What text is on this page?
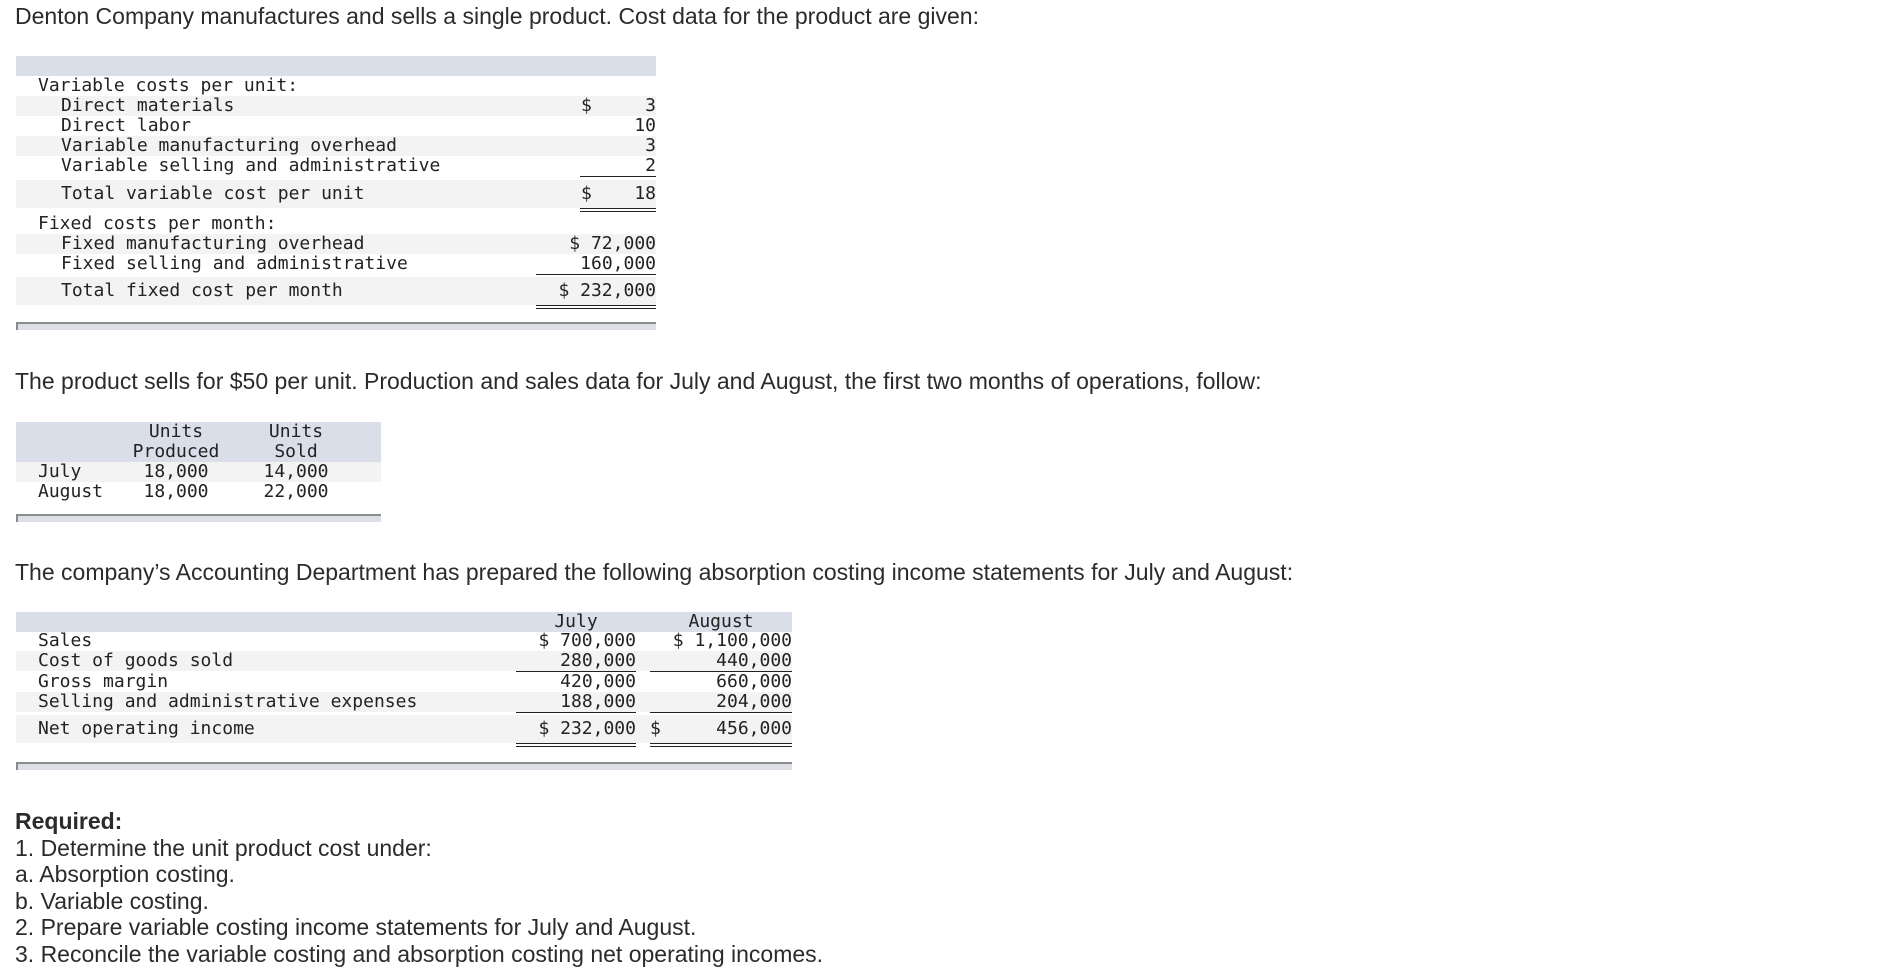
Denton Company manufactures and sells a single product. Cost data for the product are given:
Variable costs per unit:
Direct materials	$	3
Direct labor	10
Variable manufacturing overhead	3
Variable selling and administrative	2
Total variable cost per unit	$	18
Fixed costs per month:
Fixed manufacturing overhead	$ 72,000
Fixed selling and administrative	160,000
Total fixed cost per month	$ 232,000
The product sells for $50 per unit. Production and sales data for July and August, the first two months of operations, follow:
Units	Units
Produced	Sold
July	18,000	14,000
August	18,000	22,000
The company’s Accounting Department has prepared the following absorption costing income statements for July and August:
July	August
Sales	$ 700,000	$ 1,100,000
Cost of goods sold	280,000	440,000
Gross margin	420,000	660,000
Selling and administrative expenses	188,000	204,000
Net operating income	$ 232,000 $	456,000
Required:
1. Determine the unit product cost under:
a. Absorption costing.
b. Variable costing.
2. Prepare variable costing income statements for July and August.
3. Reconcile the variable costing and absorption costing net operating incomes.
